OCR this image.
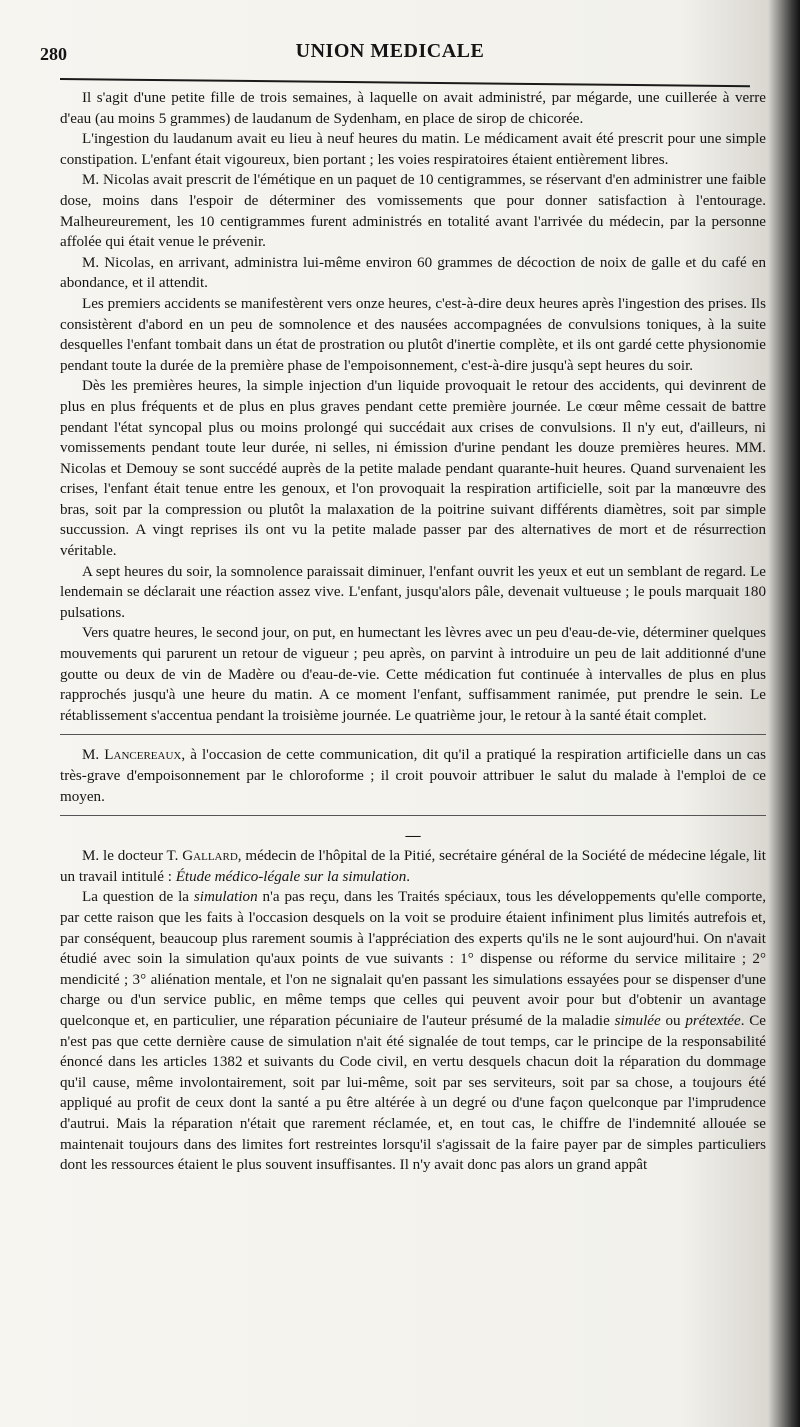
280	UNION MEDICALE

Il s'agit d'une petite fille de trois semaines, à laquelle on avait administré, par mégarde, une cuillerée à verre d'eau (au moins 5 grammes) de laudanum de Sydenham, en place de sirop de chicorée.

L'ingestion du laudanum avait eu lieu à neuf heures du matin. Le médicament avait été prescrit pour une simple constipation. L'enfant était vigoureux, bien portant ; les voies respiratoires étaient entièrement libres.

M. Nicolas avait prescrit de l'émétique en un paquet de 10 centigrammes, se réservant d'en administrer une faible dose, moins dans l'espoir de déterminer des vomissements que pour donner satisfaction à l'entourage. Malheureurement, les 10 centigrammes furent administrés en totalité avant l'arrivée du médecin, par la personne affolée qui était venue le prévenir.

M. Nicolas, en arrivant, administra lui-même environ 60 grammes de décoction de noix de galle et du café en abondance, et il attendit.

Les premiers accidents se manifestèrent vers onze heures, c'est-à-dire deux heures après l'ingestion des prises. Ils consistèrent d'abord en un peu de somnolence et des nausées accompagnées de convulsions toniques, à la suite desquelles l'enfant tombait dans un état de prostration ou plutôt d'inertie complète, et ils ont gardé cette physionomie pendant toute la durée de la première phase de l'empoisonnement, c'est-à-dire jusqu'à sept heures du soir.

Dès les premières heures, la simple injection d'un liquide provoquait le retour des accidents, qui devinrent de plus en plus fréquents et de plus en plus graves pendant cette première journée. Le cœur même cessait de battre pendant l'état syncopal plus ou moins prolongé qui succédait aux crises de convulsions. Il n'y eut, d'ailleurs, ni vomissements pendant toute leur durée, ni selles, ni émission d'urine pendant les douze premières heures. MM. Nicolas et Demouy se sont succédé auprès de la petite malade pendant quarante-huit heures. Quand survenaient les crises, l'enfant était tenue entre les genoux, et l'on provoquait la respiration artificielle, soit par la manœuvre des bras, soit par la compression ou plutôt la malaxation de la poitrine suivant différents diamètres, soit par simple succussion. A vingt reprises ils ont vu la petite malade passer par des alternatives de mort et de résurrection véritable.

A sept heures du soir, la somnolence paraissait diminuer, l'enfant ouvrit les yeux et eut un semblant de regard. Le lendemain se déclarait une réaction assez vive. L'enfant, jusqu'alors pâle, devenait vultueuse ; le pouls marquait 180 pulsations.

Vers quatre heures, le second jour, on put, en humectant les lèvres avec un peu d'eau-de-vie, déterminer quelques mouvements qui parurent un retour de vigueur ; peu après, on parvint à introduire un peu de lait additionné d'une goutte ou deux de vin de Madère ou d'eau-de-vie. Cette médication fut continuée à intervalles de plus en plus rapprochés jusqu'à une heure du matin. A ce moment l'enfant, suffisamment ranimée, put prendre le sein. Le rétablissement s'accentua pendant la troisième journée. Le quatrième jour, le retour à la santé était complet.

M. Lancereaux, à l'occasion de cette communication, dit qu'il a pratiqué la respiration artificielle dans un cas très-grave d'empoisonnement par le chloroforme ; il croit pouvoir attribuer le salut du malade à l'emploi de ce moyen.

—

M. le docteur T. Gallard, médecin de l'hôpital de la Pitié, secrétaire général de la Société de médecine légale, lit un travail intitulé : Étude médico-légale sur la simulation.

La question de la simulation n'a pas reçu, dans les Traités spéciaux, tous les développements qu'elle comporte, par cette raison que les faits à l'occasion desquels on la voit se produire étaient infiniment plus limités autrefois et, par conséquent, beaucoup plus rarement soumis à l'appréciation des experts qu'ils ne le sont aujourd'hui. On n'avait étudié avec soin la simulation qu'aux points de vue suivants : 1° dispense ou réforme du service militaire ; 2° mendicité ; 3° aliénation mentale, et l'on ne signalait qu'en passant les simulations essayées pour se dispenser d'une charge ou d'un service public, en même temps que celles qui peuvent avoir pour but d'obtenir un avantage quelconque et, en particulier, une réparation pécuniaire de l'auteur présumé de la maladie simulée ou prétextée. Ce n'est pas que cette dernière cause de simulation n'ait été signalée de tout temps, car le principe de la responsabilité énoncé dans les articles 1382 et suivants du Code civil, en vertu desquels chacun doit la réparation du dommage qu'il cause, même involontairement, soit par lui-même, soit par ses serviteurs, soit par sa chose, a toujours été appliqué au profit de ceux dont la santé a pu être altérée à un degré ou d'une façon quelconque par l'imprudence d'autrui. Mais la réparation n'était que rarement réclamée, et, en tout cas, le chiffre de l'indemnité allouée se maintenait toujours dans des limites fort restreintes lorsqu'il s'agissait de la faire payer par de simples particuliers dont les ressources étaient le plus souvent insuffisantes. Il n'y avait donc pas alors un grand appât
